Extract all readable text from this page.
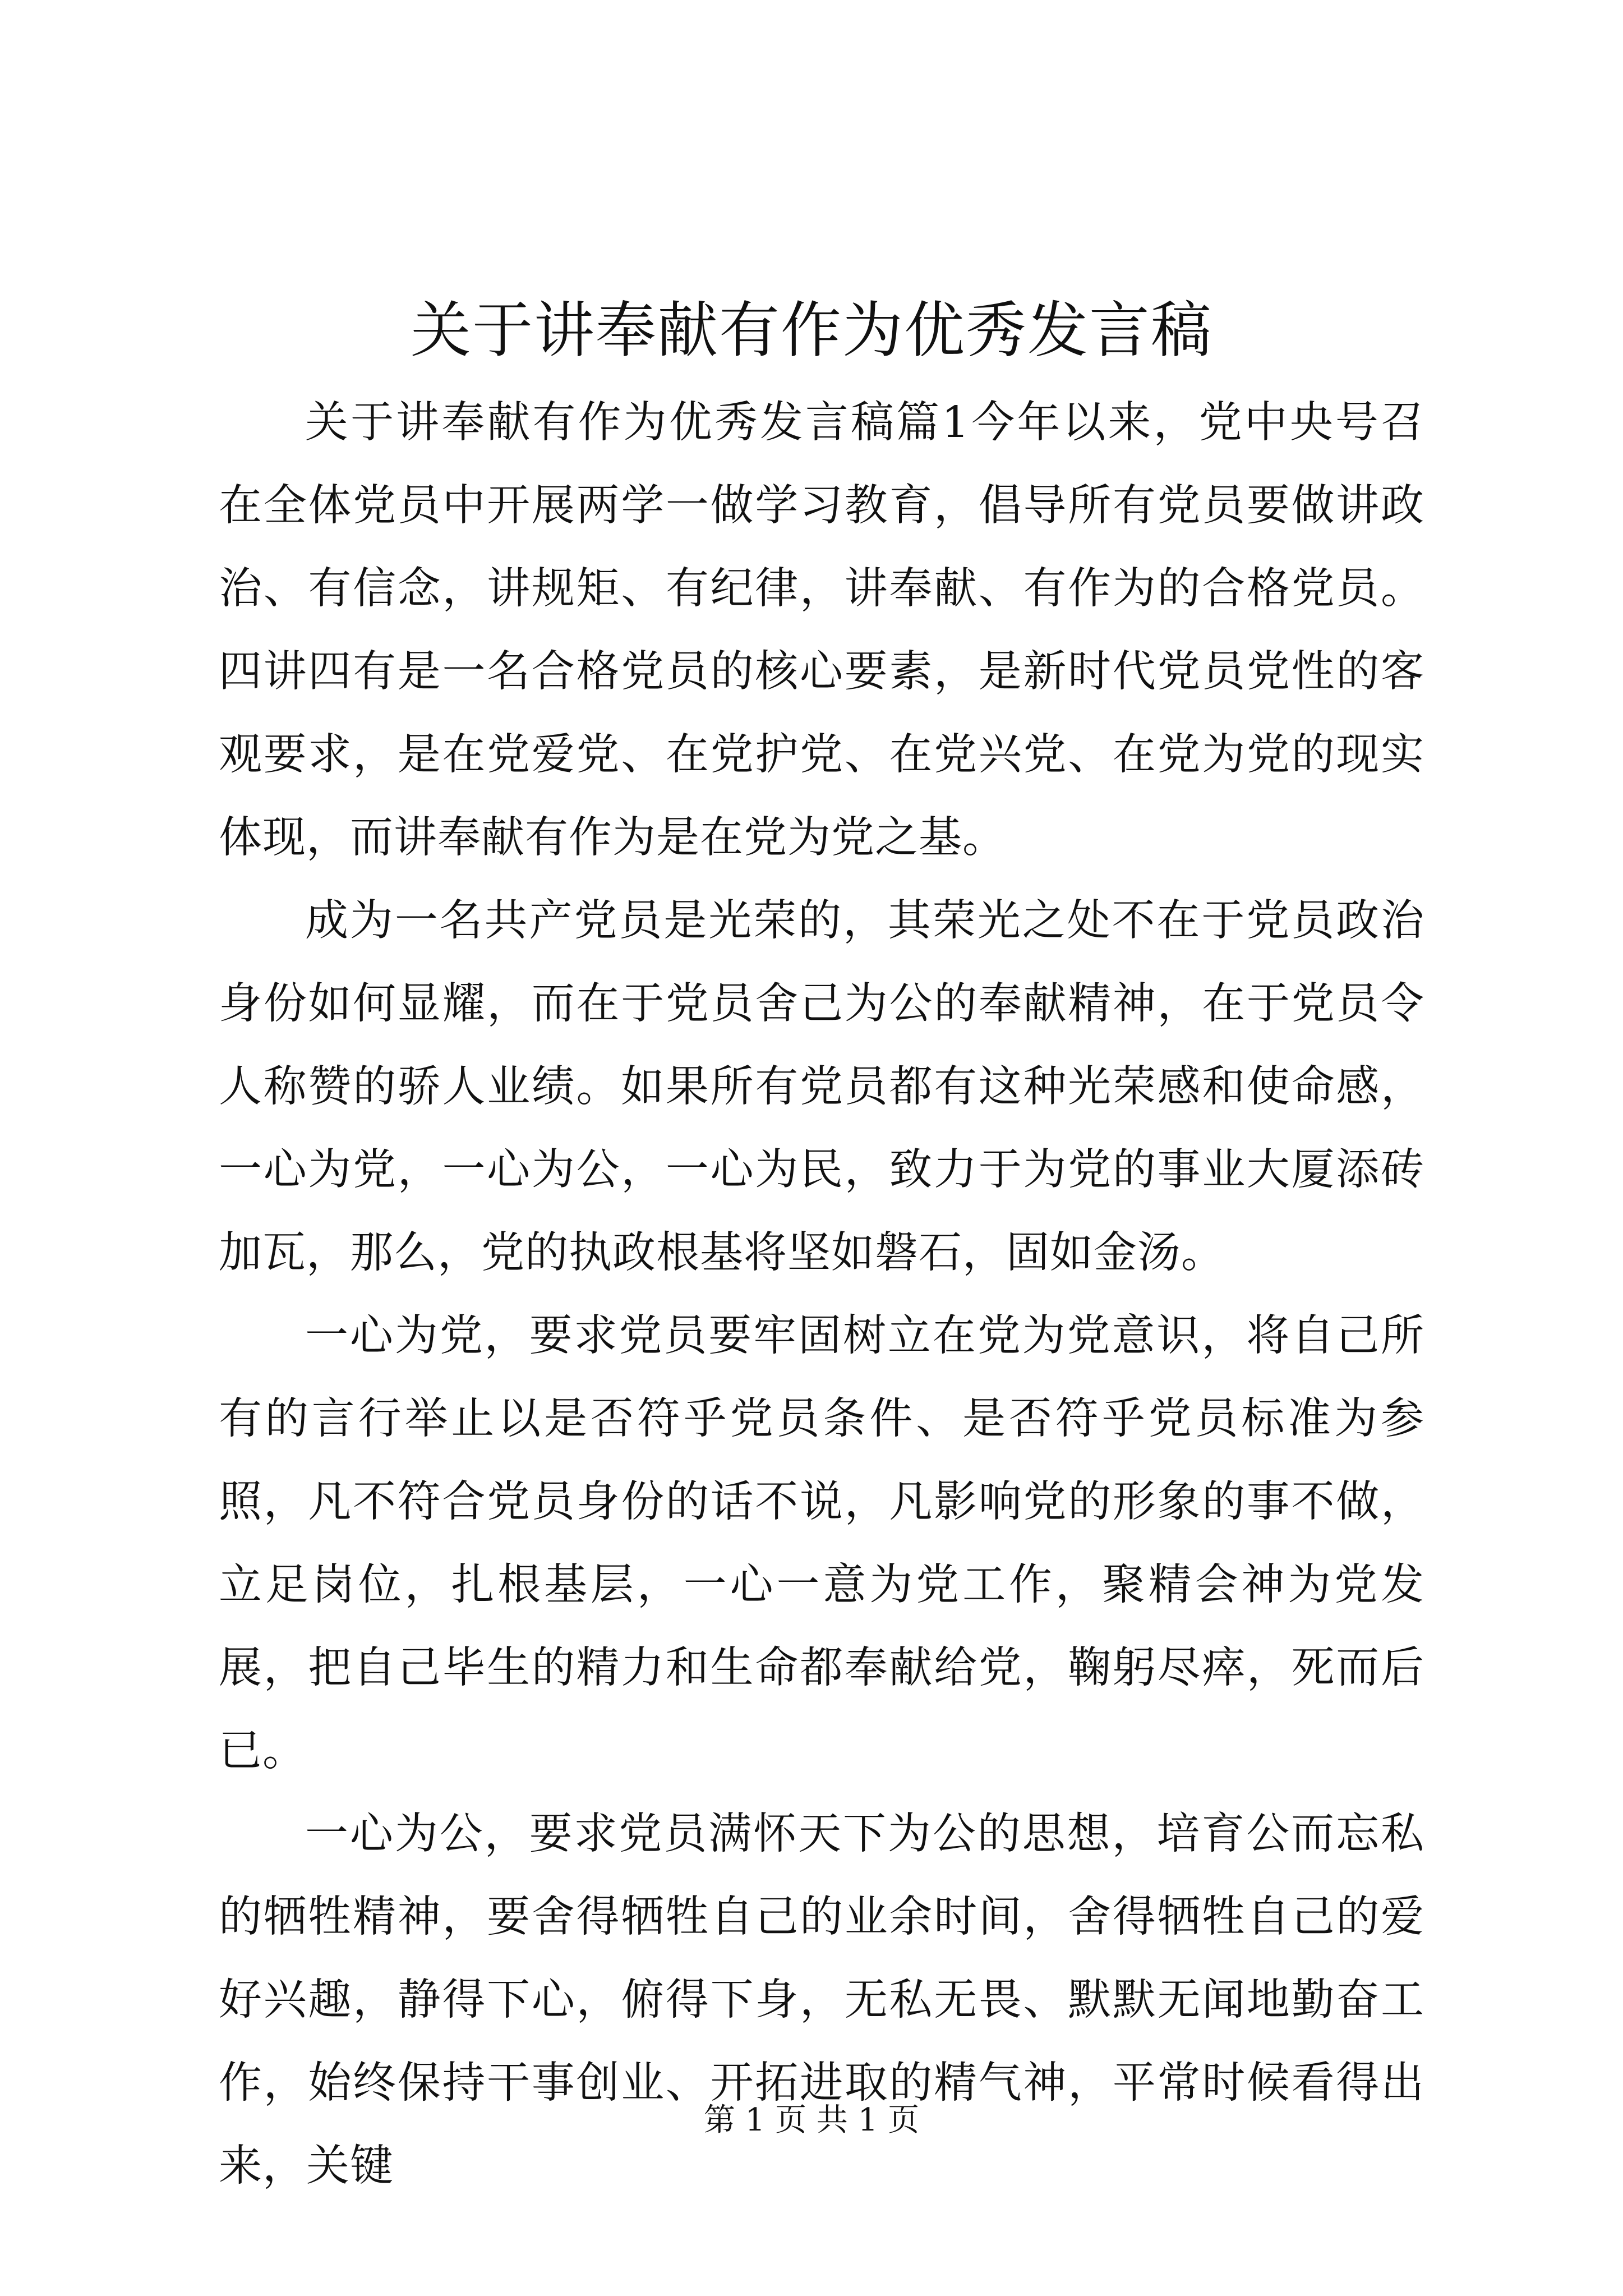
关于讲奉献有作为优秀发言稿

关于讲奉献有作为优秀发言稿篇1今年以来，党中央号召在全体党员中开展两学一做学习教育，倡导所有党员要做讲政治、有信念，讲规矩、有纪律，讲奉献、有作为的合格党员。四讲四有是一名合格党员的核心要素，是新时代党员党性的客观要求，是在党爱党、在党护党、在党兴党、在党为党的现实体现，而讲奉献有作为是在党为党之基。

成为一名共产党员是光荣的，其荣光之处不在于党员政治身份如何显耀，而在于党员舍己为公的奉献精神，在于党员令人称赞的骄人业绩。如果所有党员都有这种光荣感和使命感，一心为党，一心为公，一心为民，致力于为党的事业大厦添砖加瓦，那么，党的执政根基将坚如磐石，固如金汤。

一心为党，要求党员要牢固树立在党为党意识，将自己所有的言行举止以是否符乎党员条件、是否符乎党员标准为参照，凡不符合党员身份的话不说，凡影响党的形象的事不做，立足岗位，扎根基层，一心一意为党工作，聚精会神为党发展，把自己毕生的精力和生命都奉献给党，鞠躬尽瘁，死而后已。

一心为公，要求党员满怀天下为公的思想，培育公而忘私的牺牲精神，要舍得牺牲自己的业余时间，舍得牺牲自己的爱好兴趣，静得下心，俯得下身，无私无畏、默默无闻地勤奋工作，始终保持干事创业、开拓进取的精气神，平常时候看得出来，关键

第 1 页 共 1 页
